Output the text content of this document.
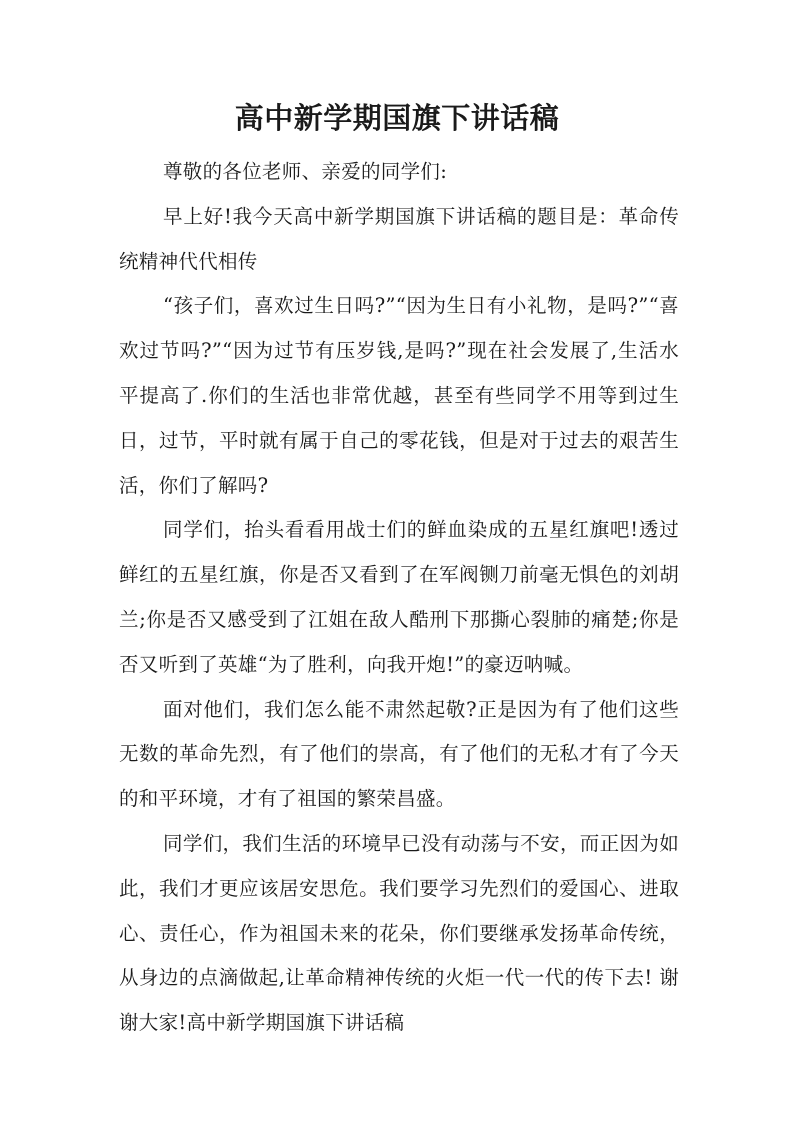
高中新学期国旗下讲话稿

尊敬的各位老师、亲爱的同学们:

早上好!我今天高中新学期国旗下讲话稿的题目是：革命传统精神代代相传

“孩子们，喜欢过生日吗?”“因为生日有小礼物，是吗?”“喜欢过节吗?”“因为过节有压岁钱,是吗?”现在社会发展了,生活水平提高了.你们的生活也非常优越，甚至有些同学不用等到过生日，过节，平时就有属于自己的零花钱，但是对于过去的艰苦生活，你们了解吗?

同学们，抬头看看用战士们的鲜血染成的五星红旗吧!透过鲜红的五星红旗，你是否又看到了在军阀铡刀前毫无惧色的刘胡兰;你是否又感受到了江姐在敌人酷刑下那撕心裂肺的痛楚;你是否又听到了英雄“为了胜利，向我开炮!”的豪迈呐喊。

面对他们，我们怎么能不肃然起敬?正是因为有了他们这些无数的革命先烈，有了他们的崇高，有了他们的无私才有了今天的和平环境，才有了祖国的繁荣昌盛。

同学们，我们生活的环境早已没有动荡与不安，而正因为如此，我们才更应该居安思危。我们要学习先烈们的爱国心、进取心、责任心，作为祖国未来的花朵，你们要继承发扬革命传统，从身边的点滴做起,让革命精神传统的火炬一代一代的传下去! 谢谢大家!高中新学期国旗下讲话稿
